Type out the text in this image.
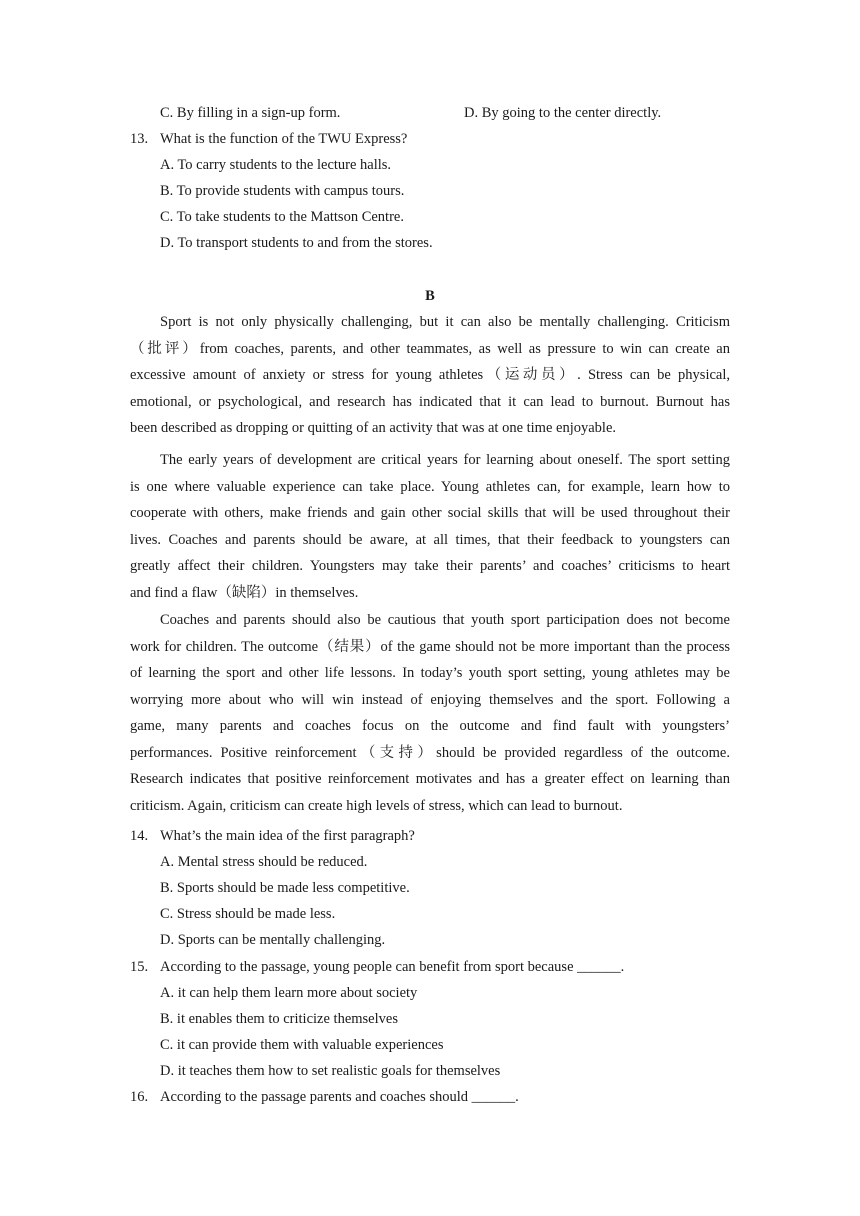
C. By filling in a sign-up form.	D. By going to the center directly.
13. What is the function of the TWU Express?
A. To carry students to the lecture halls.
B. To provide students with campus tours.
C. To take students to the Mattson Centre.
D. To transport students to and from the stores.
B
Sport is not only physically challenging, but it can also be mentally challenging. Criticism
（批评）from coaches, parents, and other teammates, as well as pressure to win can create an
excessive amount of anxiety or stress for young athletes（运动员）. Stress can be physical,
emotional, or psychological, and research has indicated that it can lead to burnout. Burnout has
been described as dropping or quitting of an activity that was at one time enjoyable.
The early years of development are critical years for learning about oneself. The sport setting
is one where valuable experience can take place. Young athletes can, for example, learn how to
cooperate with others, make friends and gain other social skills that will be used throughout their
lives. Coaches and parents should be aware, at all times, that their feedback to youngsters can
greatly affect their children. Youngsters may take their parents’ and coaches’ criticisms to heart
and find a flaw（缺陷）in themselves.
Coaches and parents should also be cautious that youth sport participation does not become
work for children. The outcome（结果）of the game should not be more important than the process
of learning the sport and other life lessons. In today’s youth sport setting, young athletes may be
worrying more about who will win instead of enjoying themselves and the sport. Following a
game, many parents and coaches focus on the outcome and find fault with youngsters’
performances. Positive reinforcement（支持）should be provided regardless of the outcome.
Research indicates that positive reinforcement motivates and has a greater effect on learning than
criticism. Again, criticism can create high levels of stress, which can lead to burnout.
14. What’s the main idea of the first paragraph?
A. Mental stress should be reduced.
B. Sports should be made less competitive.
C. Stress should be made less.
D. Sports can be mentally challenging.
15. According to the passage, young people can benefit from sport because ______.
A. it can help them learn more about society
B. it enables them to criticize themselves
C. it can provide them with valuable experiences
D. it teaches them how to set realistic goals for themselves
16. According to the passage parents and coaches should ______.
